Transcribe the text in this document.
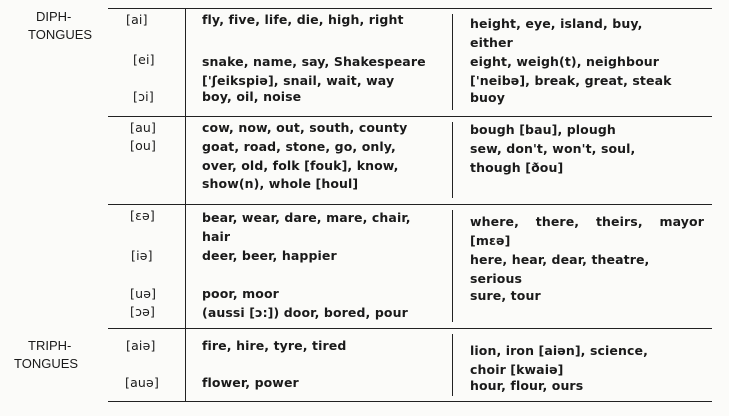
DIPH-
TONGUES
TRIPH-
TONGUES
[ai]
[ei]
[ɔi]
[au]
[ou]
[ɛə]
[iə]
[uə]
[ɔə]
[aiə]
[auə]
fly, five, life, die, high, right
snake, name, say, Shakespeare
['ʃeikspiə], snail, wait, way
boy, oil, noise
cow, now, out, south, county
goat, road, stone, go, only,
over, old, folk [fouk], know,
show(n), whole [houl]
bear, wear, dare, mare, chair,
hair
deer, beer, happier
poor, moor
(aussi [ɔ:]) door, bored, pour
fire, hire, tyre, tired
flower, power
height, eye, island, buy,
either
eight, weigh(t), neighbour
['neibə], break, great, steak
buoy
bough [bau], plough
sew, don't, won't, soul,
though [ðou]
where, there, theirs, mayor
[mɛə]
here, hear, dear, theatre,
serious
sure, tour
lion, iron [aiən], science,
choir [kwaiə]
hour, flour, ours
